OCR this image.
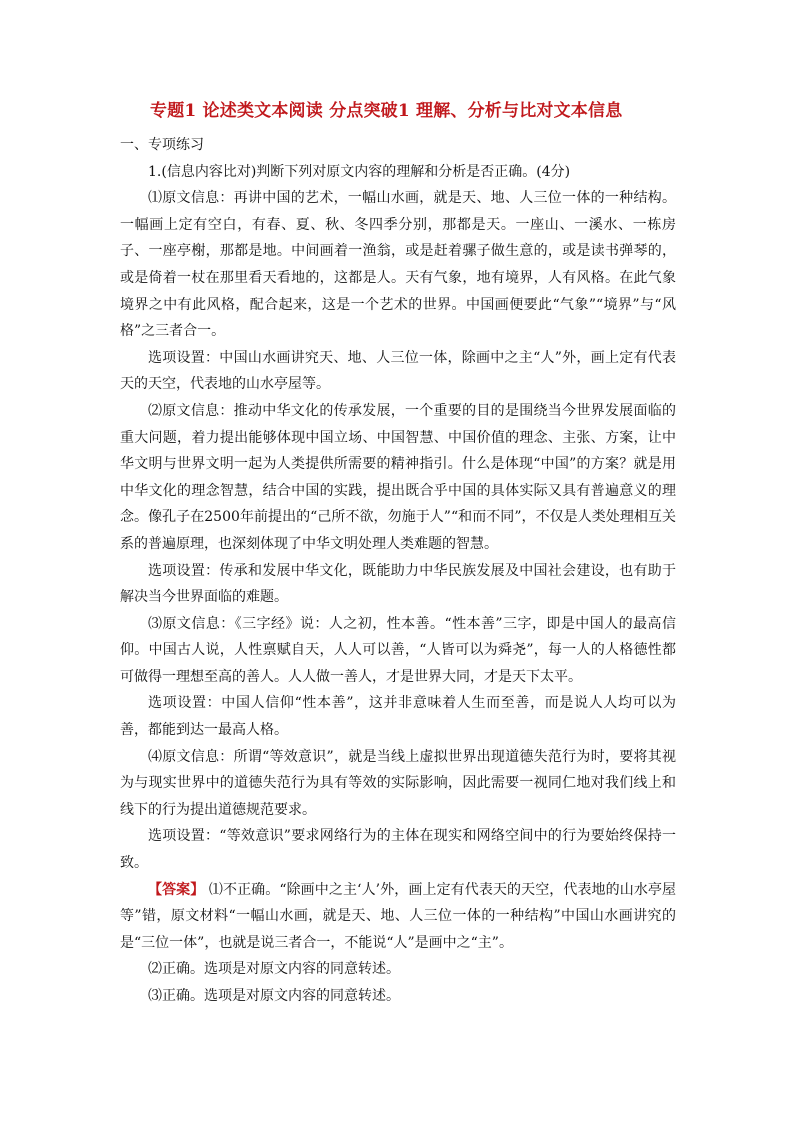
专题1 论述类文本阅读 分点突破1 理解、分析与比对文本信息

一、专项练习

1.(信息内容比对)判断下列对原文内容的理解和分析是否正确。(4分)

⑴原文信息：再讲中国的艺术，一幅山水画，就是天、地、人三位一体的一种结构。一幅画上定有空白，有春、夏、秋、冬四季分别，那都是天。一座山、一溪水、一栋房子、一座亭榭，那都是地。中间画着一渔翁，或是赶着骡子做生意的，或是读书弹琴的，或是倚着一杖在那里看天看地的，这都是人。天有气象，地有境界，人有风格。在此气象境界之中有此风格，配合起来，这是一个艺术的世界。中国画便要此“气象”“境界”与“风格”之三者合一。

选项设置：中国山水画讲究天、地、人三位一体，除画中之主“人”外，画上定有代表天的天空，代表地的山水亭屋等。

⑵原文信息：推动中华文化的传承发展，一个重要的目的是围绕当今世界发展面临的重大问题，着力提出能够体现中国立场、中国智慧、中国价值的理念、主张、方案，让中华文明与世界文明一起为人类提供所需要的精神指引。什么是体现“中国”的方案？就是用中华文化的理念智慧，结合中国的实践，提出既合乎中国的具体实际又具有普遍意义的理念。像孔子在2500年前提出的“己所不欲，勿施于人”“和而不同”，不仅是人类处理相互关系的普遍原理，也深刻体现了中华文明处理人类难题的智慧。

选项设置：传承和发展中华文化，既能助力中华民族发展及中国社会建设，也有助于解决当今世界面临的难题。

⑶原文信息：《三字经》说：人之初，性本善。“性本善”三字，即是中国人的最高信仰。中国古人说，人性禀赋自天，人人可以善，“人皆可以为舜尧”，每一人的人格德性都可做得一理想至高的善人。人人做一善人，才是世界大同，才是天下太平。

选项设置：中国人信仰“性本善”，这并非意味着人生而至善，而是说人人均可以为善，都能到达一最高人格。

⑷原文信息：所谓“等效意识”，就是当线上虚拟世界出现道德失范行为时，要将其视为与现实世界中的道德失范行为具有等效的实际影响，因此需要一视同仁地对我们线上和线下的行为提出道德规范要求。

选项设置：“等效意识”要求网络行为的主体在现实和网络空间中的行为要始终保持一致。

【答案】 ⑴不正确。“除画中之主‘人’外，画上定有代表天的天空，代表地的山水亭屋等”错，原文材料“一幅山水画，就是天、地、人三位一体的一种结构”中国山水画讲究的是“三位一体”，也就是说三者合一，不能说“人”是画中之“主”。

⑵正确。选项是对原文内容的同意转述。

⑶正确。选项是对原文内容的同意转述。
